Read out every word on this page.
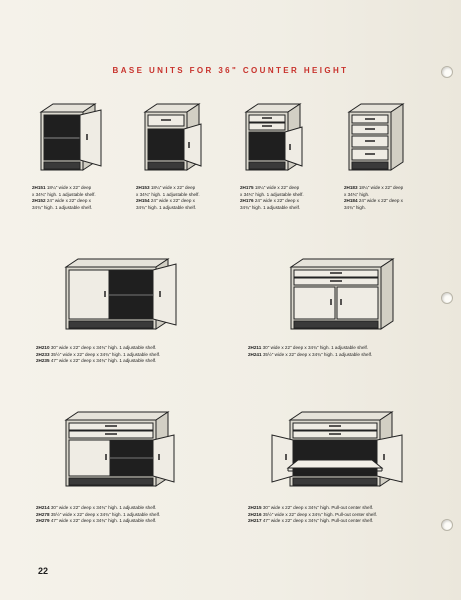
BASE UNITS FOR 36" COUNTER HEIGHT
2H151 18¼" wide x 22" deep
x 34¾" high. 1 adjustable shelf.
2H152 24" wide x 22" deep x
34¾" high. 1 adjustable shelf.
2H153 18¼" wide x 22" deep
x 34¾" high. 1 adjustable shelf.
2H154 24" wide x 22" deep x
34¾" high. 1 adjustable shelf.
2H175 18¼" wide x 22" deep
x 34¾" high. 1 adjustable shelf.
2H176 24" wide x 22" deep x
34¾" high. 1 adjustable shelf.
2H183 18¼" wide x 22" deep
x 34¾" high.
2H184 24" wide x 22" deep x
34¾" high.
2H210 30" wide x 22" deep x 34¾" high. 1 adjustable shelf.
2H233 35½" wide x 22" deep x 34¾" high. 1 adjustable shelf.
2H235 47" wide x 22" deep x 34¾" high. 1 adjustable shelf.
2H211 30" wide x 22" deep x 34¾" high. 1 adjustable shelf.
2H241 35½" wide x 22" deep x 34¾" high. 1 adjustable shelf.
2H214 30" wide x 22" deep x 34¾" high. 1 adjustable shelf.
2H278 35½" wide x 22" deep x 34¾" high. 1 adjustable shelf.
2H279 47" wide x 22" deep x 34¾" high. 1 adjustable shelf.
2H215 30" wide x 22" deep x 34¾" high. Pull-out center shelf.
2H216 35½" wide x 22" deep x 34¾" high. Pull-out center shelf.
2H217 47" wide x 22" deep x 34¾" high. Pull-out center shelf.
22
